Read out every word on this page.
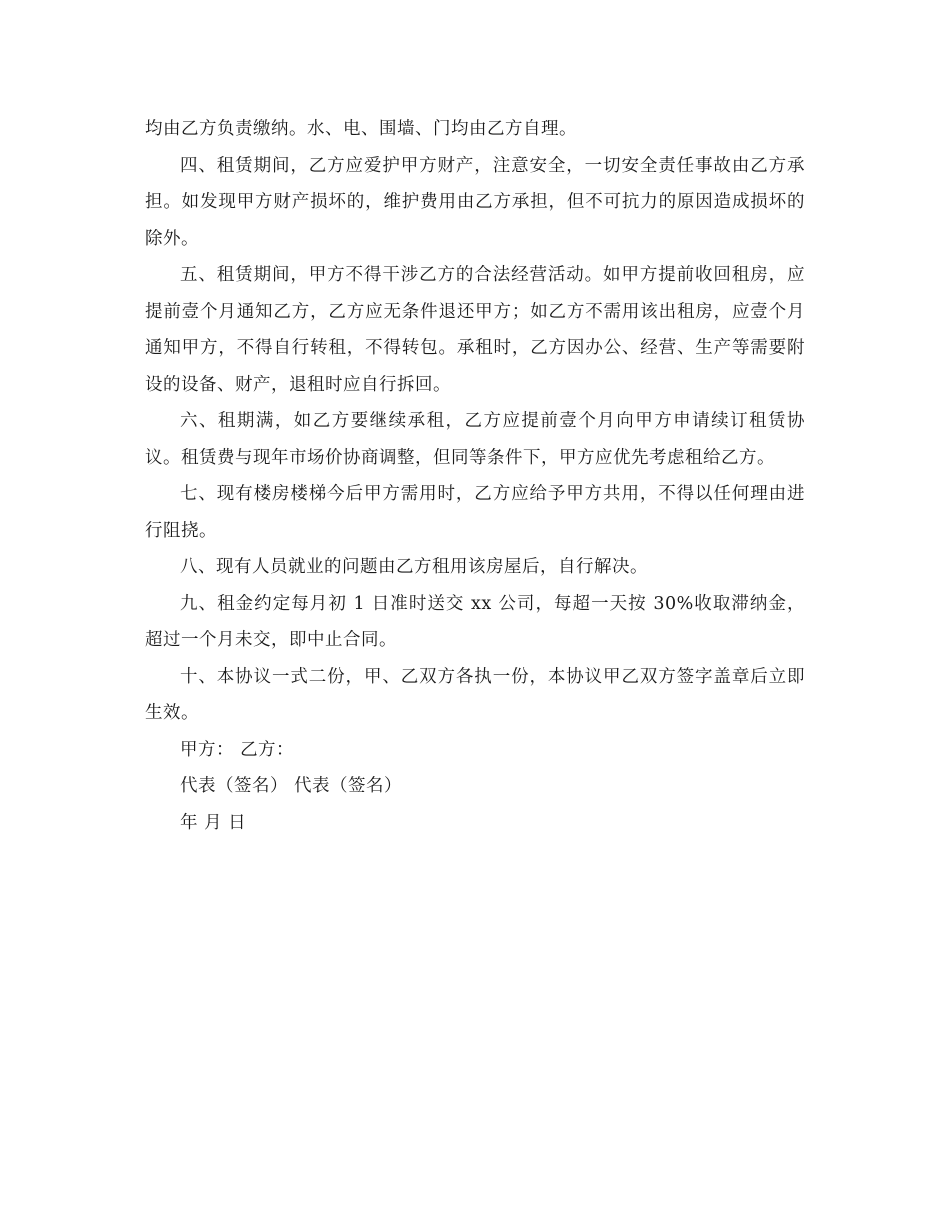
均由乙方负责缴纳。水、电、围墙、门均由乙方自理。

四、租赁期间，乙方应爱护甲方财产，注意安全，一切安全责任事故由乙方承担。如发现甲方财产损坏的，维护费用由乙方承担，但不可抗力的原因造成损坏的除外。

五、租赁期间，甲方不得干涉乙方的合法经营活动。如甲方提前收回租房，应提前壹个月通知乙方，乙方应无条件退还甲方；如乙方不需用该出租房，应壹个月通知甲方，不得自行转租，不得转包。承租时，乙方因办公、经营、生产等需要附设的设备、财产，退租时应自行拆回。

六、租期满，如乙方要继续承租，乙方应提前壹个月向甲方申请续订租赁协议。租赁费与现年市场价协商调整，但同等条件下，甲方应优先考虑租给乙方。

七、现有楼房楼梯今后甲方需用时，乙方应给予甲方共用，不得以任何理由进行阻挠。

八、现有人员就业的问题由乙方租用该房屋后，自行解决。

九、租金约定每月初 1 日准时送交 xx 公司，每超一天按 30%收取滞纳金，超过一个月未交，即中止合同。

十、本协议一式二份，甲、乙双方各执一份，本协议甲乙双方签字盖章后立即生效。

甲方： 乙方：

代表（签名） 代表（签名）

年 月 日
